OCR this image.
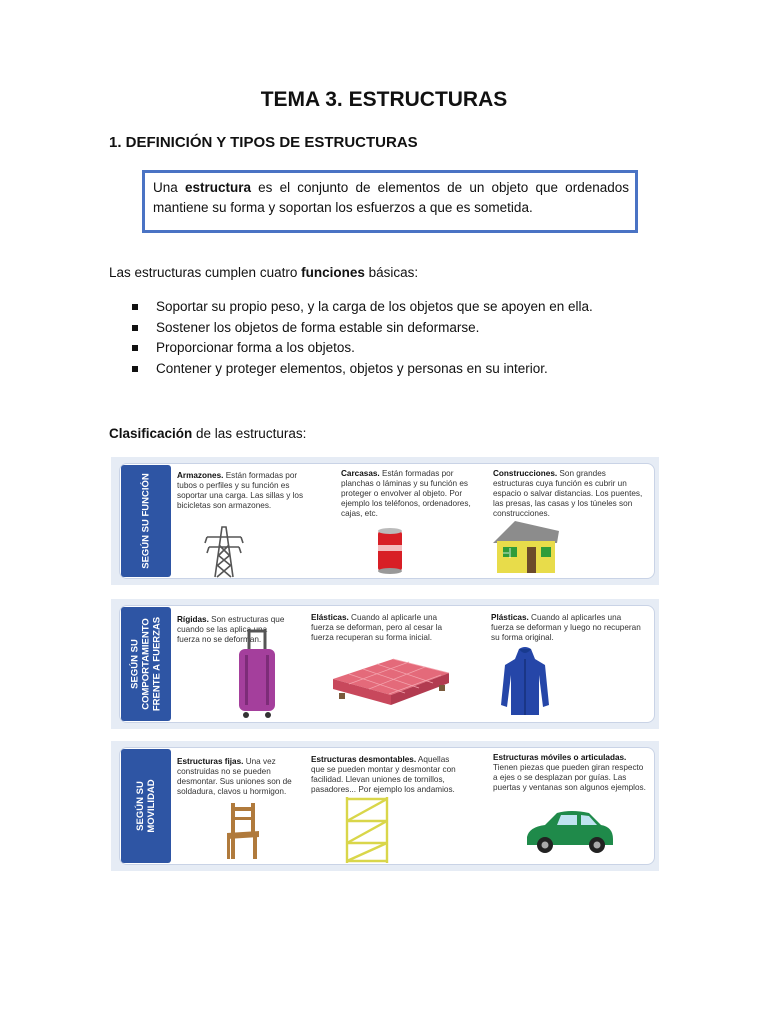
TEMA 3. ESTRUCTURAS
1. DEFINICIÓN Y TIPOS DE ESTRUCTURAS
Una estructura es el conjunto de elementos de un objeto que ordenados mantiene su forma y soportan los esfuerzos a que es sometida.

Las estructuras cumplen cuatro funciones básicas:

Soportar su propio peso, y la carga de los objetos que se apoyen en ella.
Sostener los objetos de forma estable sin deformarse.
Proporcionar forma a los objetos.
Contener y proteger elementos, objetos y personas en su interior.

Clasificación de las estructuras:

SEGÚN SU FUNCIÓN	Armazones. Están formadas por tubos o perfiles y su función es soportar una carga. Las sillas y los bicicletas son armazones.
Carcasas. Están formadas por planchas o láminas y su función es proteger o envolver al objeto. Por ejemplo los teléfonos, ordenadores, cajas, etc.
Construcciones. Son grandes estructuras cuya función es cubrir un espacio o salvar distancias. Los puentes, las presas, las casas y los túneles son construcciones.
SEGÚN SU
COMPORTAMIENTO
FRENTE A FUERZAS Rígidas. Son estructuras que cuando se las aplica una fuerza no se deforman.
Elásticas. Cuando al aplicarle una fuerza se deforman, pero al cesar la fuerza recuperan su forma inicial.
Plásticas. Cuando al aplicarles una fuerza se deforman y luego no recuperan su forma original.
SEGÚN SU
MOVILIDAD
Estructuras fijas. Una vez construidas no se pueden desmontar. Sus uniones son de soldadura, clavos u hormigon.
Estructuras desmontables. Aquellas que se pueden montar y desmontar con facilidad. Llevan uniones de tornillos, pasadores... Por ejemplo los andamios.
Estructuras móviles o articuladas. Tienen piezas que pueden giran respecto a ejes o se desplazan por guías. Las puertas y ventanas son algunos ejemplos.
